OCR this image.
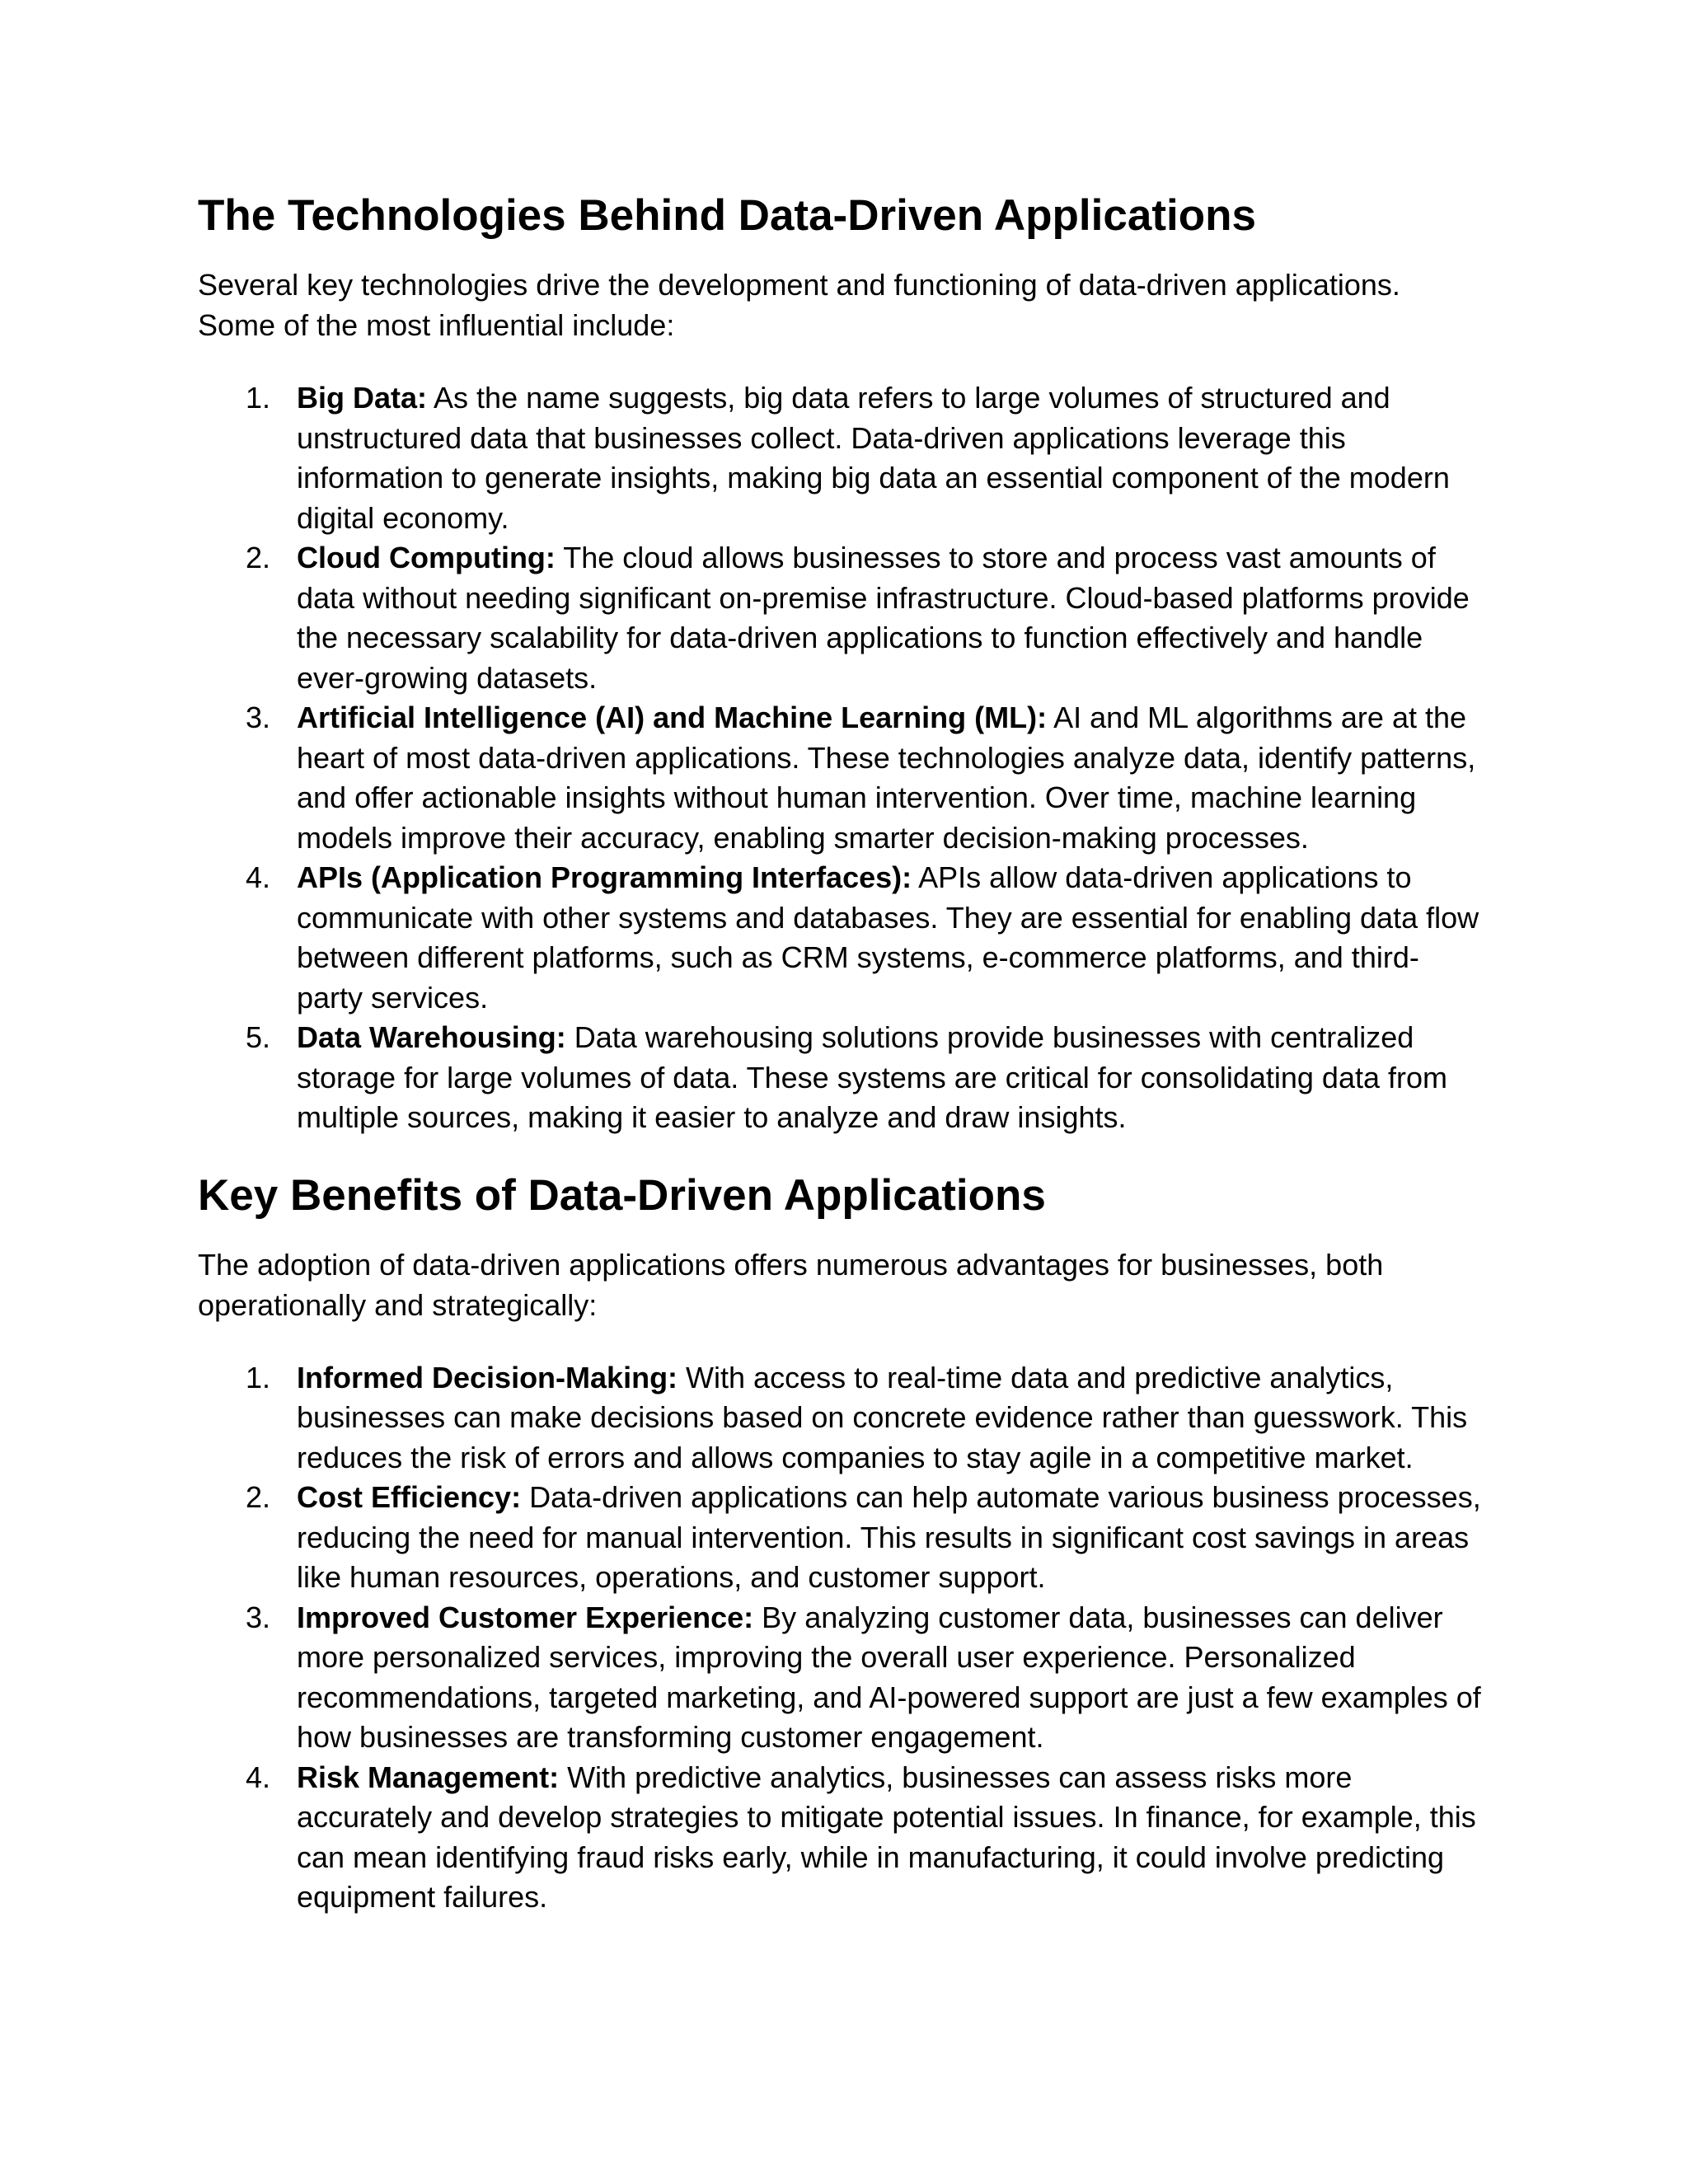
The Technologies Behind Data-Driven Applications

Several key technologies drive the development and functioning of data-driven applications. Some of the most influential include:

1. Big Data: As the name suggests, big data refers to large volumes of structured and unstructured data that businesses collect. Data-driven applications leverage this information to generate insights, making big data an essential component of the modern digital economy.
2. Cloud Computing: The cloud allows businesses to store and process vast amounts of data without needing significant on-premise infrastructure. Cloud-based platforms provide the necessary scalability for data-driven applications to function effectively and handle ever-growing datasets.
3. Artificial Intelligence (AI) and Machine Learning (ML): AI and ML algorithms are at the heart of most data-driven applications. These technologies analyze data, identify patterns, and offer actionable insights without human intervention. Over time, machine learning models improve their accuracy, enabling smarter decision-making processes.
4. APIs (Application Programming Interfaces): APIs allow data-driven applications to communicate with other systems and databases. They are essential for enabling data flow between different platforms, such as CRM systems, e-commerce platforms, and third-party services.
5. Data Warehousing: Data warehousing solutions provide businesses with centralized storage for large volumes of data. These systems are critical for consolidating data from multiple sources, making it easier to analyze and draw insights.
Key Benefits of Data-Driven Applications

The adoption of data-driven applications offers numerous advantages for businesses, both operationally and strategically:

1. Informed Decision-Making: With access to real-time data and predictive analytics, businesses can make decisions based on concrete evidence rather than guesswork. This reduces the risk of errors and allows companies to stay agile in a competitive market.
2. Cost Efficiency: Data-driven applications can help automate various business processes, reducing the need for manual intervention. This results in significant cost savings in areas like human resources, operations, and customer support.
3. Improved Customer Experience: By analyzing customer data, businesses can deliver more personalized services, improving the overall user experience. Personalized recommendations, targeted marketing, and AI-powered support are just a few examples of how businesses are transforming customer engagement.
4. Risk Management: With predictive analytics, businesses can assess risks more accurately and develop strategies to mitigate potential issues. In finance, for example, this can mean identifying fraud risks early, while in manufacturing, it could involve predicting equipment failures.
